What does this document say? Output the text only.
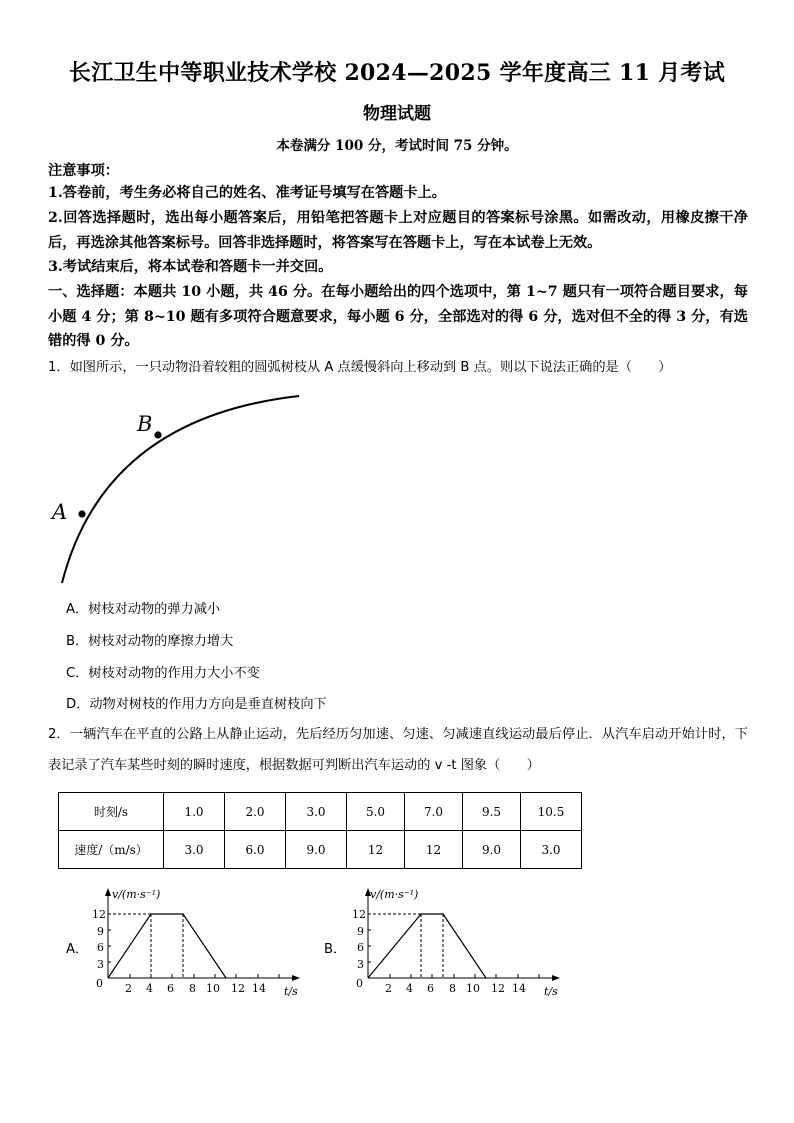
长江卫生中等职业技术学校 2024—2025 学年度高三 11 月考试
物理试题
本卷满分 100 分，考试时间 75 分钟。
注意事项：
1.答卷前，考生务必将自己的姓名、准考证号填写在答题卡上。
2.回答选择题时，选出每小题答案后，用铅笔把答题卡上对应题目的答案标号涂黑。如需改动，用橡皮擦干净后，再选涂其他答案标号。回答非选择题时，将答案写在答题卡上，写在本试卷上无效。
3.考试结束后，将本试卷和答题卡一并交回。
一、选择题：本题共 10 小题，共 46 分。在每小题给出的四个选项中，第 1~7 题只有一项符合题目要求，每小题 4 分；第 8~10 题有多项符合题意要求，每小题 6 分，全部选对的得 6 分，选对但不全的得 3 分，有选错的得 0 分。
1．如图所示，一只动物沿着较粗的圆弧树枝从 A 点缓慢斜向上移动到 B 点。则以下说法正确的是（　　）
A
B
A．树枝对动物的弹力减小
B．树枝对动物的摩擦力增大
C．树枝对动物的作用力大小不变
D．动物对树枝的作用力方向是垂直树枝向下
2．一辆汽车在平直的公路上从静止运动，先后经历匀加速、匀速、匀减速直线运动最后停止．从汽车启动开始计时，下表记录了汽车某些时刻的瞬时速度，根据数据可判断出汽车运动的 v -t 图象（　　）
时刻/s	1.0	2.0	3.0	5.0	7.0	9.5	10.5
速度/（m/s）	3.0	6.0	9.0	12	12	9.0	3.0
A．
v/(m·s⁻¹)
t/s
0
12
9
6
3
2 4 6 8 10 12 14
B．
v/(m·s⁻¹)
t/s
0
12
9
6
3
2 4 6 8 10 12 14
